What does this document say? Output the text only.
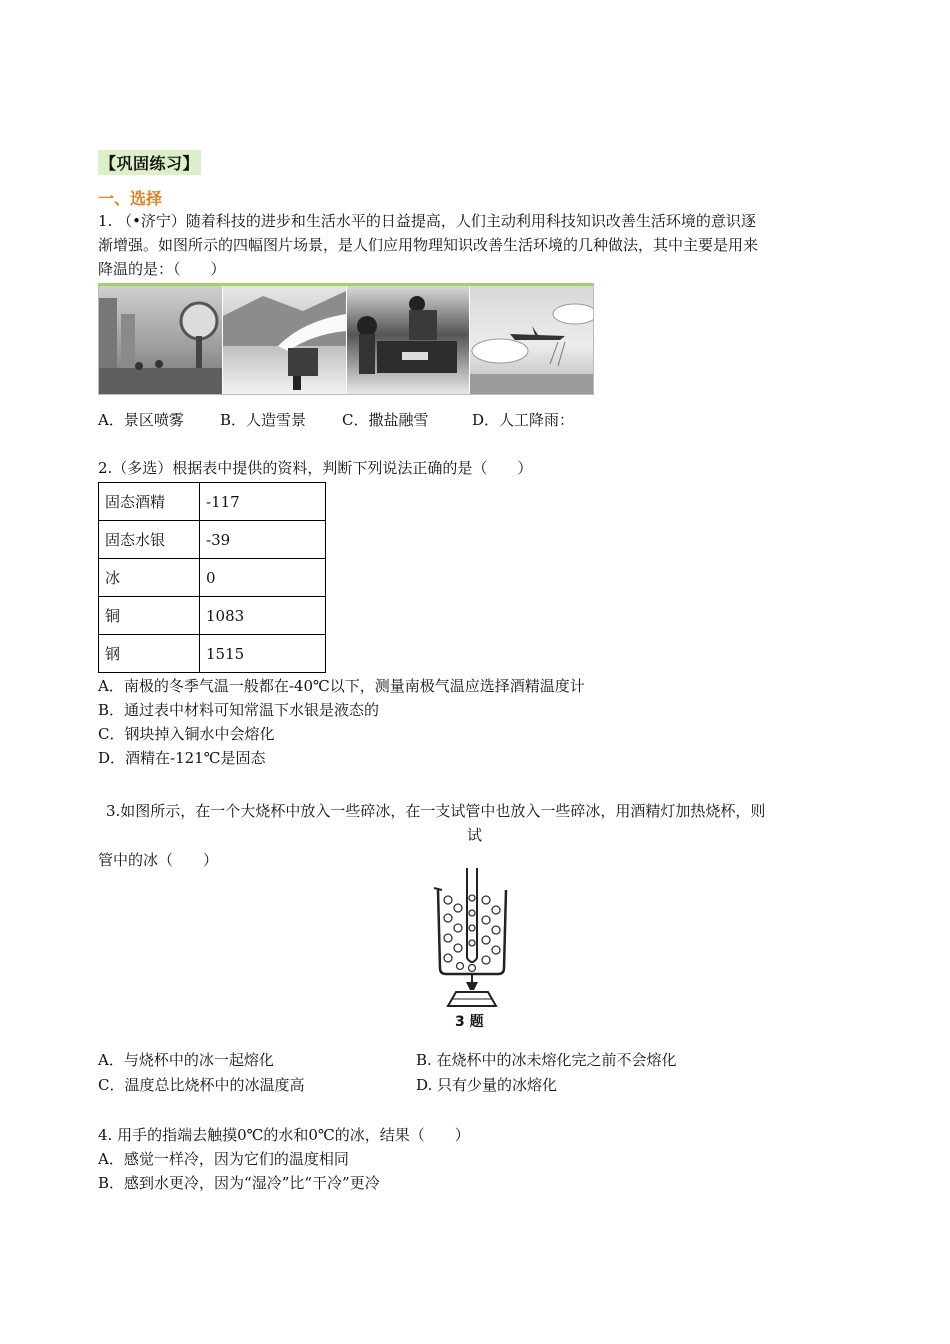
【巩固练习】
一、选择
1. （•济宁）随着科技的进步和生活水平的日益提高，人们主动利用科技知识改善生活环境的意识逐
渐增强。如图所示的四幅图片场景，是人们应用物理知识改善生活环境的几种做法，其中主要是用来
降温的是：（　　）
A．景区喷雾 B．人造雪景 C．撒盐融雪	D．人工降雨：
2.（多选）根据表中提供的资料，判断下列说法正确的是（　　）
固态酒精	-117
固态水银	-39
冰	0
铜	1083
钢	1515
A．南极的冬季气温一般都在-40℃以下，测量南极气温应选择酒精温度计
B．通过表中材料可知常温下水银是液态的
C．钢块掉入铜水中会熔化
D．酒精在-121℃是固态
3.如图所示，在一个大烧杯中放入一些碎冰，在一支试管中也放入一些碎冰，用酒精灯加热烧杯，则
试
管中的冰（　　）
3 题
A．与烧杯中的冰一起熔化	B. 在烧杯中的冰未熔化完之前不会熔化
C．温度总比烧杯中的冰温度高	D. 只有少量的冰熔化
4. 用手的指端去触摸0℃的水和0℃的冰，结果（　　）
A．感觉一样冷，因为它们的温度相同
B．感到水更冷，因为“湿冷”比“干冷”更冷
